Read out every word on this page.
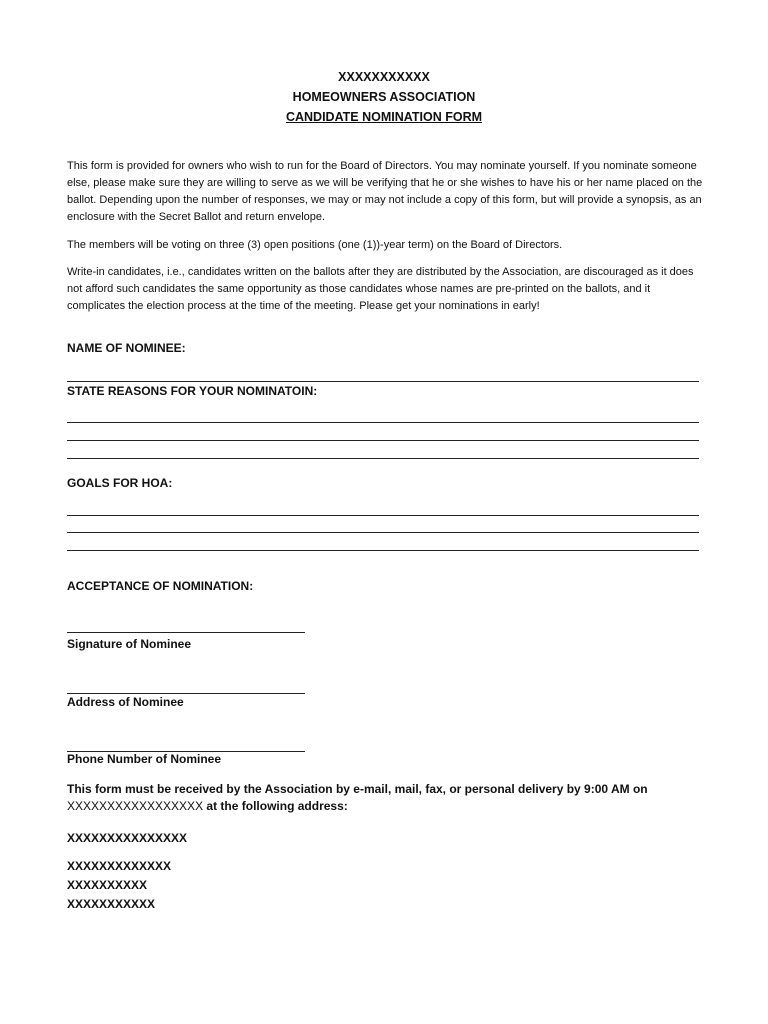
XXXXXXXXXXX
HOMEOWNERS ASSOCIATION
CANDIDATE NOMINATION FORM
This form is provided for owners who wish to run for the Board of Directors. You may nominate yourself. If you nominate someone else, please make sure they are willing to serve as we will be verifying that he or she wishes to have his or her name placed on the ballot. Depending upon the number of responses, we may or may not include a copy of this form, but will provide a synopsis, as an enclosure with the Secret Ballot and return envelope.
The members will be voting on three (3) open positions (one (1))-year term) on the Board of Directors.
Write-in candidates, i.e., candidates written on the ballots after they are distributed by the Association, are discouraged as it does not afford such candidates the same opportunity as those candidates whose names are pre-printed on the ballots, and it complicates the election process at the time of the meeting. Please get your nominations in early!
NAME OF NOMINEE:
STATE REASONS FOR YOUR NOMINATOIN:
GOALS FOR HOA:
ACCEPTANCE OF NOMINATION:
Signature of Nominee
Address of Nominee
Phone Number of Nominee
This form must be received by the Association by e-mail, mail, fax, or personal delivery by 9:00 AM on
XXXXXXXXXXXXXXXXX at the following address:
XXXXXXXXXXXXXXX
XXXXXXXXXXXXX
XXXXXXXXXX
XXXXXXXXXXX
